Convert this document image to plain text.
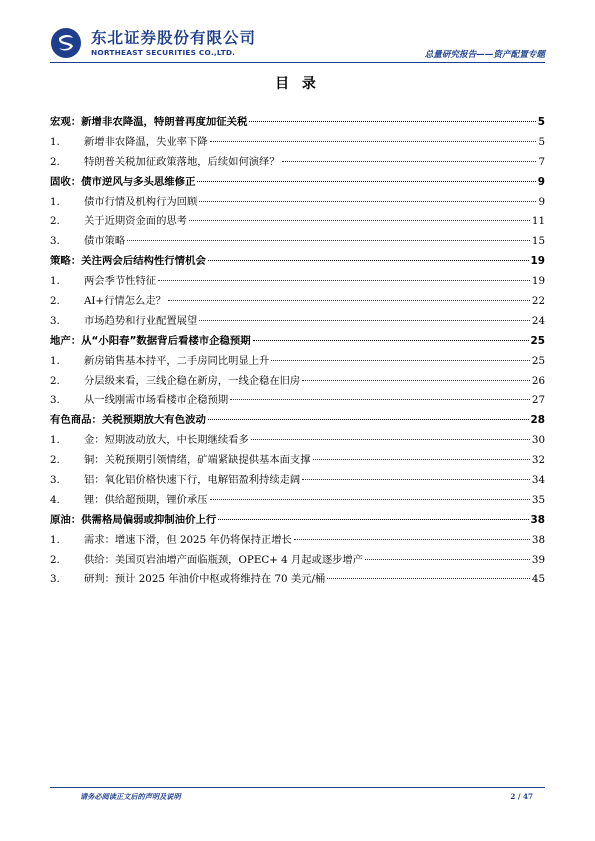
东北证券股份有限公司
NORTHEAST SECURITIES CO.,LTD.	总量研究报告——资产配置专题
目 录
宏观：新增非农降温，特朗普再度加征关税	5
1.	新增非农降温，失业率下降	5
2.	特朗普关税加征政策落地，后续如何演绎？	7
固收：债市逆风与多头思维修正	9
1.	债市行情及机构行为回顾	9
2.	关于近期资金面的思考	11
3.	债市策略	15
策略：关注两会后结构性行情机会	19
1.	两会季节性特征	19
2.	AI+行情怎么走？	22
3.	市场趋势和行业配置展望	24
地产：从“小阳春”数据背后看楼市企稳预期	25
1.	新房销售基本持平，二手房同比明显上升	25
2.	分层级来看，三线企稳在新房，一线企稳在旧房	26
3.	从一线刚需市场看楼市企稳预期	27
有色商品：关税预期放大有色波动	28
1.	金：短期波动放大，中长期继续看多	30
2.	铜：关税预期引领情绪，矿端紧缺提供基本面支撑	32
3.	铝：氧化铝价格快速下行，电解铝盈利持续走阔	34
4.	锂：供给超预期，锂价承压	35
原油：供需格局偏弱或抑制油价上行	38
1.	需求：增速下滑，但 2025 年仍将保持正增长	38
2.	供给：美国页岩油增产面临瓶颈，OPEC+ 4 月起或逐步增产	39
3.	研判：预计 2025 年油价中枢或将维持在 70 美元/桶	45
请务必阅读正文后的声明及说明	2 / 47
